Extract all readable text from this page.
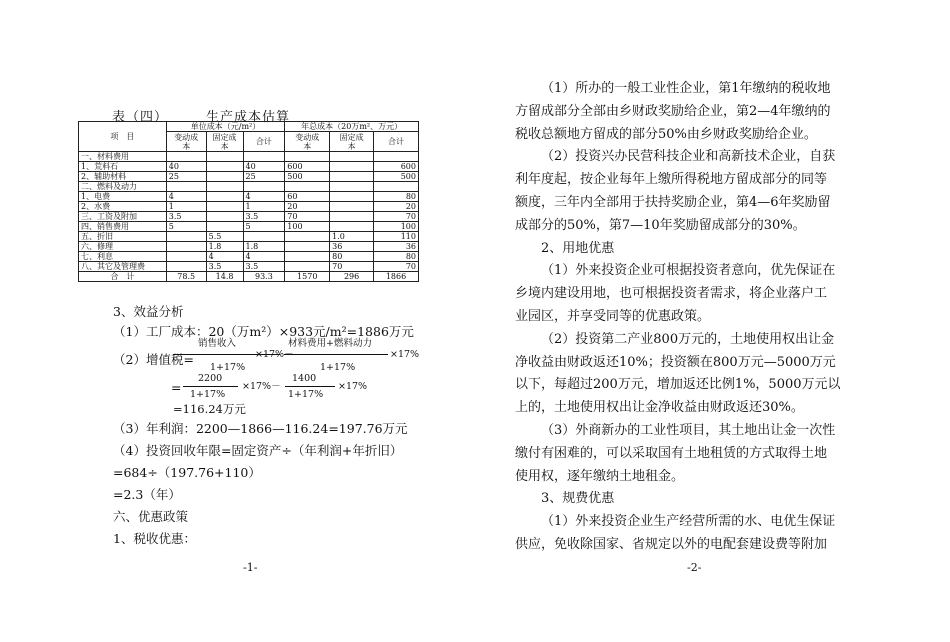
表（四）	生产成本估算
项　目	单位成本（元/m²）			年总成本（20万m²、万元）		
	变动成本	固定成本	合计	变动成本	固定成本	合计
一、材料费用						
1、荒料石	40		40	600		600
2、辅助材料	25		25	500		500
二、燃料及动力						
1、电费	4		4	60		80
2、水费	1		1	20		20
三、工资及附加	3.5		3.5	70		70
四、销售费用	5		5	100		100
五、折旧		5.5			1.0	110
六、修理		1.8	1.8		36	36
七、利息		4	4		80	80
八、其它及管理费		3.5	3.5		70	70
合　计	78.5	14.8	93.3	1570	296	1866
3、效益分析
（1）工厂成本：20（万m²）×933元/m²=1886万元
（2）增值税=
销售收入
1+17%
×17%－
材料费用+燃料动力
1+17%
×17%
=
2200
1+17%
×17%－
1400
1+17%
×17%
=116.24万元
（3）年利润：2200—1866—116.24=197.76万元
（4）投资回收年限=固定资产÷（年利润+年折旧）
=684÷（197.76+110）
=2.3（年）
六、优惠政策
1、税收优惠：
-1-
（1）所办的一般工业性企业，第1年缴纳的税收地
方留成部分全部由乡财政奖励给企业，第2—4年缴纳的
税收总额地方留成的部分50%由乡财政奖励给企业。
（2）投资兴办民营科技企业和高新技术企业，自获
利年度起，按企业每年上缴所得税地方留成部分的同等
额度，三年内全部用于扶持奖励企业，第4—6年奖励留
成部分的50%，第7—10年奖励留成部分的30%。
2、用地优惠
（1）外来投资企业可根据投资者意向，优先保证在
乡境内建设用地，也可根据投资者需求，将企业落户工
业园区，并享受同等的优惠政策。
（2）投资第二产业800万元的，土地使用权出让金
净收益由财政返还10%；投资额在800万元—5000万元
以下，每超过200万元，增加返还比例1%，5000万元以
上的，土地使用权出让金净收益由财政返还30%。
（3）外商新办的工业性项目，其土地出让金一次性
缴付有困难的，可以采取国有土地租赁的方式取得土地
使用权，逐年缴纳土地租金。
3、规费优惠
（1）外来投资企业生产经营所需的水、电优生保证
供应，免收除国家、省规定以外的电配套建设费等附加
-2-
